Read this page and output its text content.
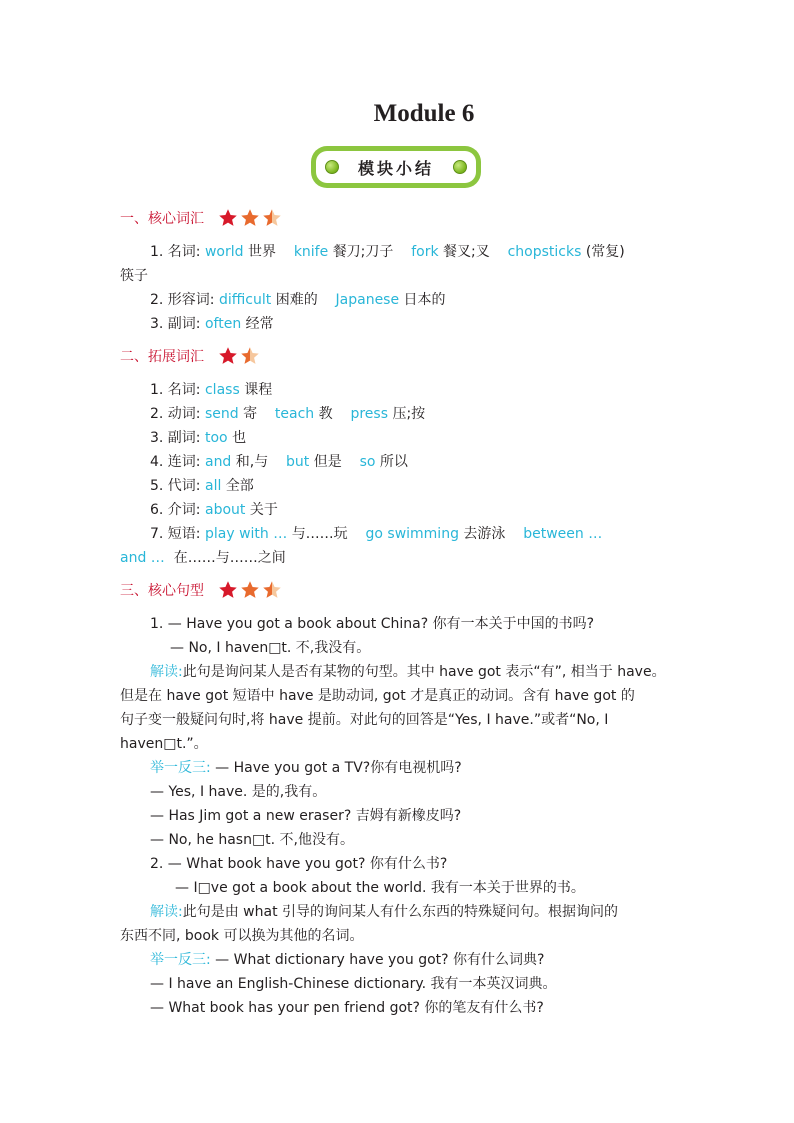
Module 6
模块小结
一、核心词汇
1. 名词: world 世界 knife 餐刀;刀子 fork 餐叉;叉 chopsticks (常复)
筷子
2. 形容词: difficult 困难的 Japanese 日本的
3. 副词: often 经常
二、拓展词汇
1. 名词: class 课程
2. 动词: send 寄 teach 教 press 压;按
3. 副词: too 也
4. 连词: and 和,与 but 但是 so 所以
5. 代词: all 全部
6. 介词: about 关于
7. 短语: play with … 与……玩 go swimming 去游泳 between …
and … 在……与……之间
三、核心句型
1. — Have you got a book about China? 你有一本关于中国的书吗?
— No, I haven□t. 不,我没有。
解读:此句是询问某人是否有某物的句型。其中 have got 表示“有”, 相当于 have。
但是在 have got 短语中 have 是助动词, got 才是真正的动词。含有 have got 的
句子变一般疑问句时,将 have 提前。对此句的回答是“Yes, I have.”或者“No, I
haven□t.”。
举一反三: — Have you got a TV?你有电视机吗?
— Yes, I have. 是的,我有。
— Has Jim got a new eraser? 吉姆有新橡皮吗?
— No, he hasn□t. 不,他没有。
2. — What book have you got? 你有什么书?
— I□ve got a book about the world. 我有一本关于世界的书。
解读:此句是由 what 引导的询问某人有什么东西的特殊疑问句。根据询问的
东西不同, book 可以换为其他的名词。
举一反三: — What dictionary have you got? 你有什么词典?
— I have an English-Chinese dictionary. 我有一本英汉词典。
— What book has your pen friend got? 你的笔友有什么书?
